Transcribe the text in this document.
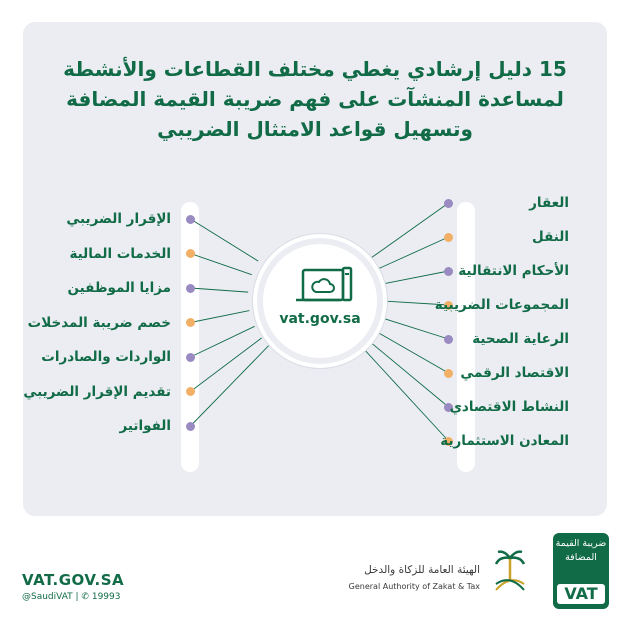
15 دليل إرشادي يغطي مختلف القطاعات والأنشطة
لمساعدة المنشآت على فهم ضريبة القيمة المضافة
وتسهيل قواعد الامتثال الضريبي
الإقرار الضريبي
الخدمات المالية
مزايا الموظفين
خصم ضريبة المدخلات
الواردات والصادرات
تقديم الإقرار الضريبي
الفواتير
العقار
النقل
الأحكام الانتقالية
المجموعات الضريبية
الرعاية الصحية
الاقتصاد الرقمي
النشاط الاقتصادي
المعادن الاستثمارية
vat.gov.sa
VAT.GOV.SA
@SaudiVAT | ✆ 19993
الهيئة العامة للزكاة والدخل
General Authority of Zakat & Tax
ضريبة القيمة المضافة
VAT
